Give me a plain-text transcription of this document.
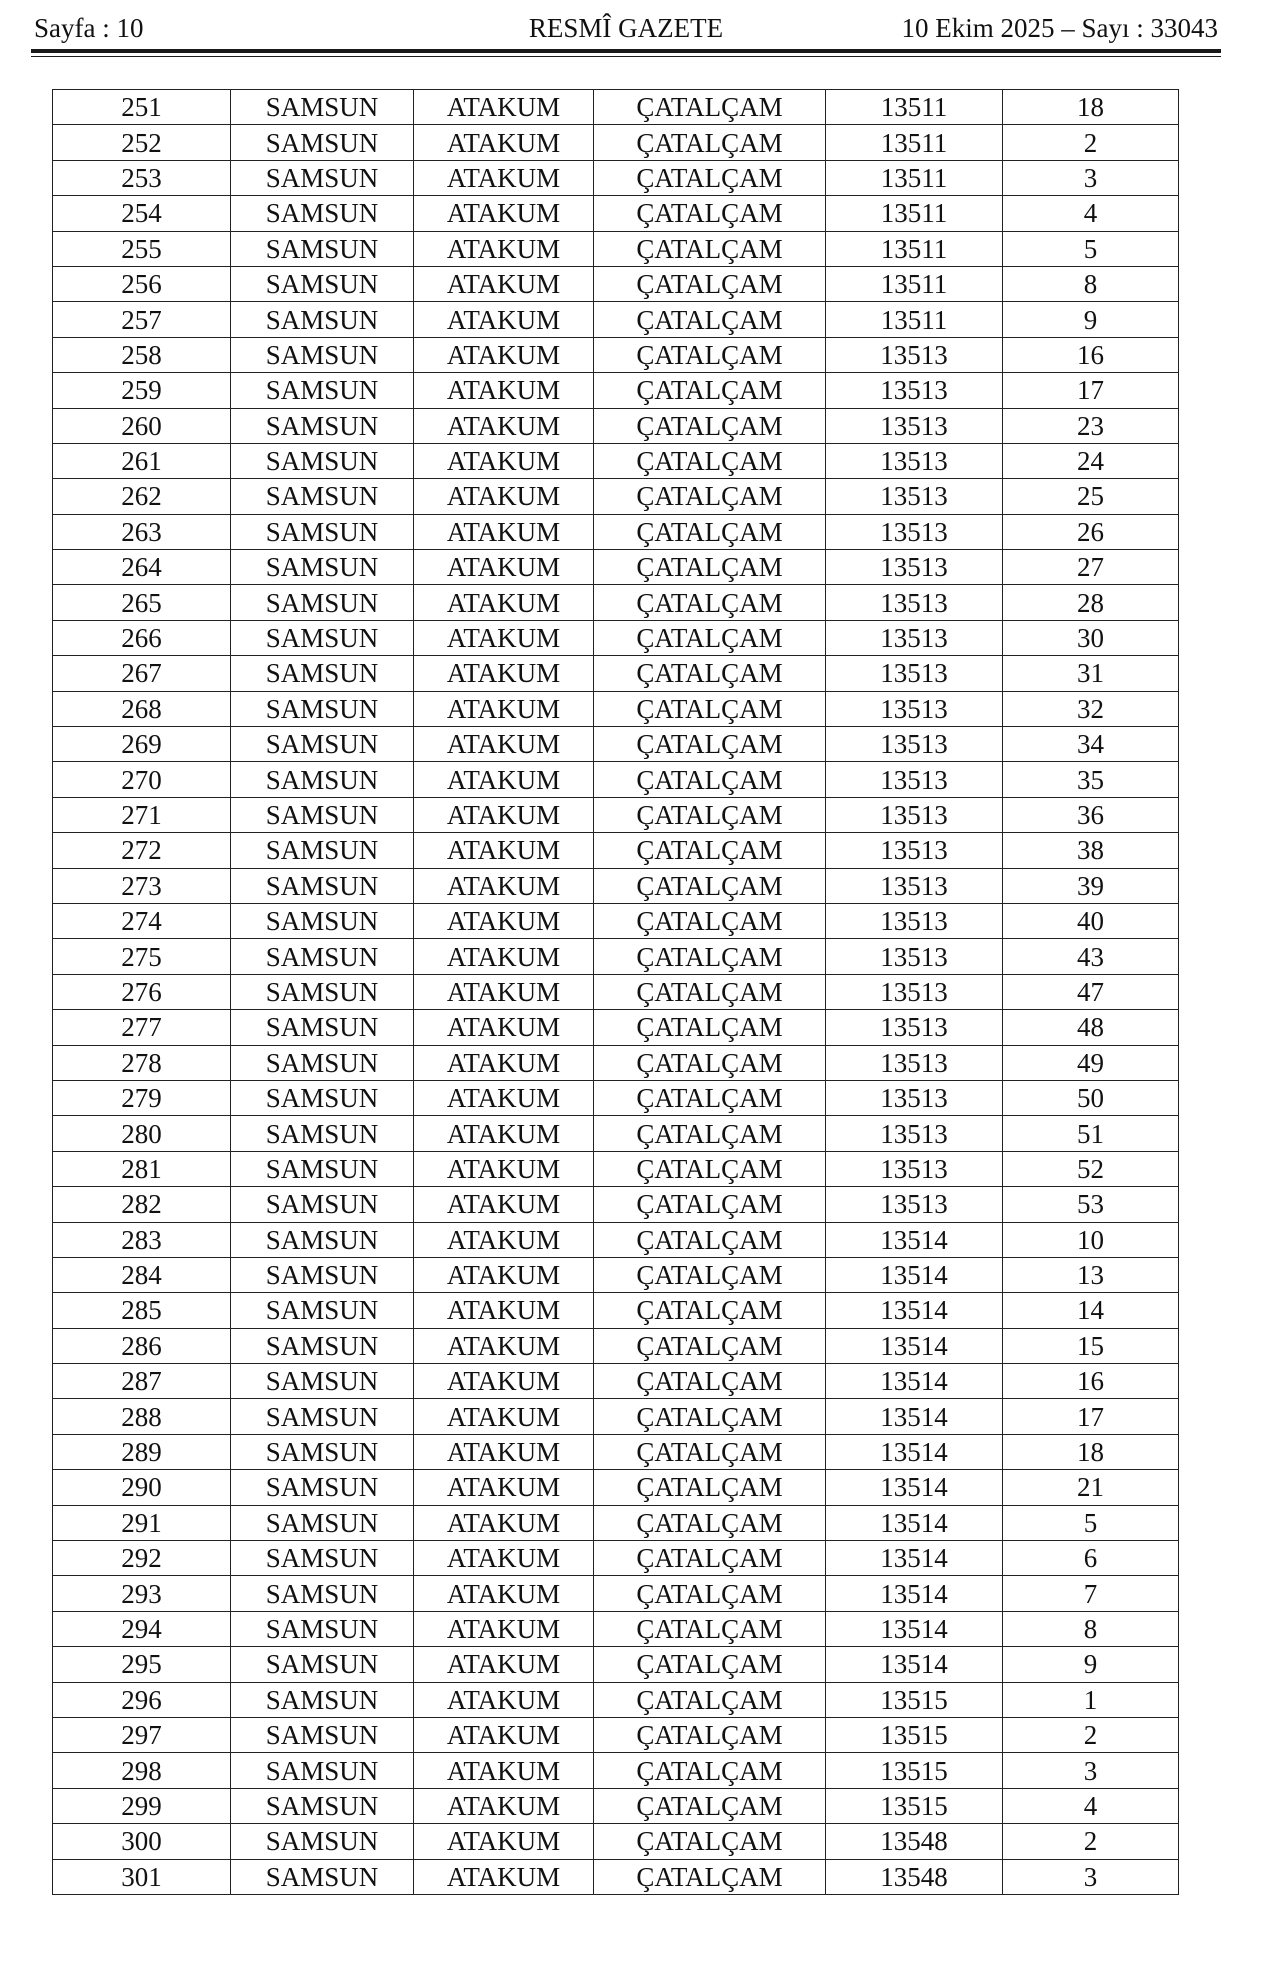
RESMÎ GAZETE
Sayfa : 10	10 Ekim 2025 – Sayı : 33043
251	SAMSUN	ATAKUM	ÇATALÇAM	13511	18
252	SAMSUN	ATAKUM	ÇATALÇAM	13511	2
253	SAMSUN	ATAKUM	ÇATALÇAM	13511	3
254	SAMSUN	ATAKUM	ÇATALÇAM	13511	4
255	SAMSUN	ATAKUM	ÇATALÇAM	13511	5
256	SAMSUN	ATAKUM	ÇATALÇAM	13511	8
257	SAMSUN	ATAKUM	ÇATALÇAM	13511	9
258	SAMSUN	ATAKUM	ÇATALÇAM	13513	16
259	SAMSUN	ATAKUM	ÇATALÇAM	13513	17
260	SAMSUN	ATAKUM	ÇATALÇAM	13513	23
261	SAMSUN	ATAKUM	ÇATALÇAM	13513	24
262	SAMSUN	ATAKUM	ÇATALÇAM	13513	25
263	SAMSUN	ATAKUM	ÇATALÇAM	13513	26
264	SAMSUN	ATAKUM	ÇATALÇAM	13513	27
265	SAMSUN	ATAKUM	ÇATALÇAM	13513	28
266	SAMSUN	ATAKUM	ÇATALÇAM	13513	30
267	SAMSUN	ATAKUM	ÇATALÇAM	13513	31
268	SAMSUN	ATAKUM	ÇATALÇAM	13513	32
269	SAMSUN	ATAKUM	ÇATALÇAM	13513	34
270	SAMSUN	ATAKUM	ÇATALÇAM	13513	35
271	SAMSUN	ATAKUM	ÇATALÇAM	13513	36
272	SAMSUN	ATAKUM	ÇATALÇAM	13513	38
273	SAMSUN	ATAKUM	ÇATALÇAM	13513	39
274	SAMSUN	ATAKUM	ÇATALÇAM	13513	40
275	SAMSUN	ATAKUM	ÇATALÇAM	13513	43
276	SAMSUN	ATAKUM	ÇATALÇAM	13513	47
277	SAMSUN	ATAKUM	ÇATALÇAM	13513	48
278	SAMSUN	ATAKUM	ÇATALÇAM	13513	49
279	SAMSUN	ATAKUM	ÇATALÇAM	13513	50
280	SAMSUN	ATAKUM	ÇATALÇAM	13513	51
281	SAMSUN	ATAKUM	ÇATALÇAM	13513	52
282	SAMSUN	ATAKUM	ÇATALÇAM	13513	53
283	SAMSUN	ATAKUM	ÇATALÇAM	13514	10
284	SAMSUN	ATAKUM	ÇATALÇAM	13514	13
285	SAMSUN	ATAKUM	ÇATALÇAM	13514	14
286	SAMSUN	ATAKUM	ÇATALÇAM	13514	15
287	SAMSUN	ATAKUM	ÇATALÇAM	13514	16
288	SAMSUN	ATAKUM	ÇATALÇAM	13514	17
289	SAMSUN	ATAKUM	ÇATALÇAM	13514	18
290	SAMSUN	ATAKUM	ÇATALÇAM	13514	21
291	SAMSUN	ATAKUM	ÇATALÇAM	13514	5
292	SAMSUN	ATAKUM	ÇATALÇAM	13514	6
293	SAMSUN	ATAKUM	ÇATALÇAM	13514	7
294	SAMSUN	ATAKUM	ÇATALÇAM	13514	8
295	SAMSUN	ATAKUM	ÇATALÇAM	13514	9
296	SAMSUN	ATAKUM	ÇATALÇAM	13515	1
297	SAMSUN	ATAKUM	ÇATALÇAM	13515	2
298	SAMSUN	ATAKUM	ÇATALÇAM	13515	3
299	SAMSUN	ATAKUM	ÇATALÇAM	13515	4
300	SAMSUN	ATAKUM	ÇATALÇAM	13548	2
301	SAMSUN	ATAKUM	ÇATALÇAM	13548	3
